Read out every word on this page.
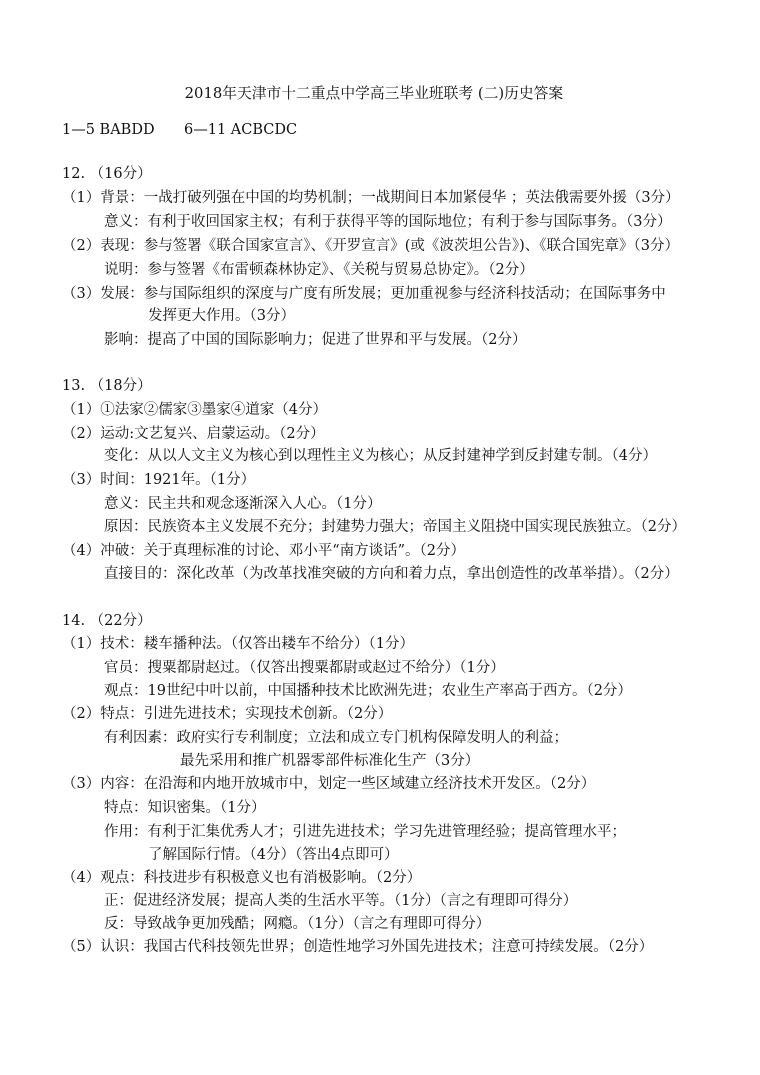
2018年天津市十二重点中学高三毕业班联考 (二)历史答案
1—5 BABDD 6—11 ACBCDC
12. （16分）
（1）背景：一战打破列强在中国的均势机制；一战期间日本加紧侵华 ；英法俄需要外援（3分）
意义：有利于收回国家主权；有利于获得平等的国际地位；有利于参与国际事务。（3分）
（2）表现：参与签署《联合国家宣言》、《开罗宣言》(或《波茨坦公告》)、《联合国宪章》（3分）
说明：参与签署《布雷顿森林协定》、《关税与贸易总协定》。（2分）
（3）发展：参与国际组织的深度与广度有所发展；更加重视参与经济科技活动；在国际事务中
发挥更大作用。（3分）
影响：提高了中国的国际影响力；促进了世界和平与发展。（2分）
13. （18分）
（1）①法家②儒家③墨家④道家（4分）
（2）运动:文艺复兴、启蒙运动。（2分）
变化：从以人文主义为核心到以理性主义为核心；从反封建神学到反封建专制。（4分）
（3）时间：1921年。（1分）
意义：民主共和观念逐渐深入人心。（1分）
原因：民族资本主义发展不充分；封建势力强大；帝国主义阻挠中国实现民族独立。（2分）
（4）冲破：关于真理标准的讨论、邓小平“南方谈话”。（2分）
直接目的：深化改革（为改革找准突破的方向和着力点，拿出创造性的改革举措）。（2分）
14. （22分）
（1）技术：耧车播种法。（仅答出耧车不给分）（1分）
官员：搜粟都尉赵过。（仅答出搜粟都尉或赵过不给分）（1分）
观点：19世纪中叶以前，中国播种技术比欧洲先进；农业生产率高于西方。（2分）
（2）特点：引进先进技术；实现技术创新。（2分）
有利因素：政府实行专利制度；立法和成立专门机构保障发明人的利益；
最先采用和推广机器零部件标准化生产（3分）
（3）内容：在沿海和内地开放城市中，划定一些区域建立经济技术开发区。（2分）
特点：知识密集。（1分）
作用：有利于汇集优秀人才；引进先进技术；学习先进管理经验；提高管理水平；
了解国际行情。（4分）（答出4点即可）
（4）观点：科技进步有积极意义也有消极影响。（2分）
正：促进经济发展；提高人类的生活水平等。（1分）（言之有理即可得分）
反：导致战争更加残酷；网瘾。（1分）（言之有理即可得分）
（5）认识：我国古代科技领先世界；创造性地学习外国先进技术；注意可持续发展。（2分）
